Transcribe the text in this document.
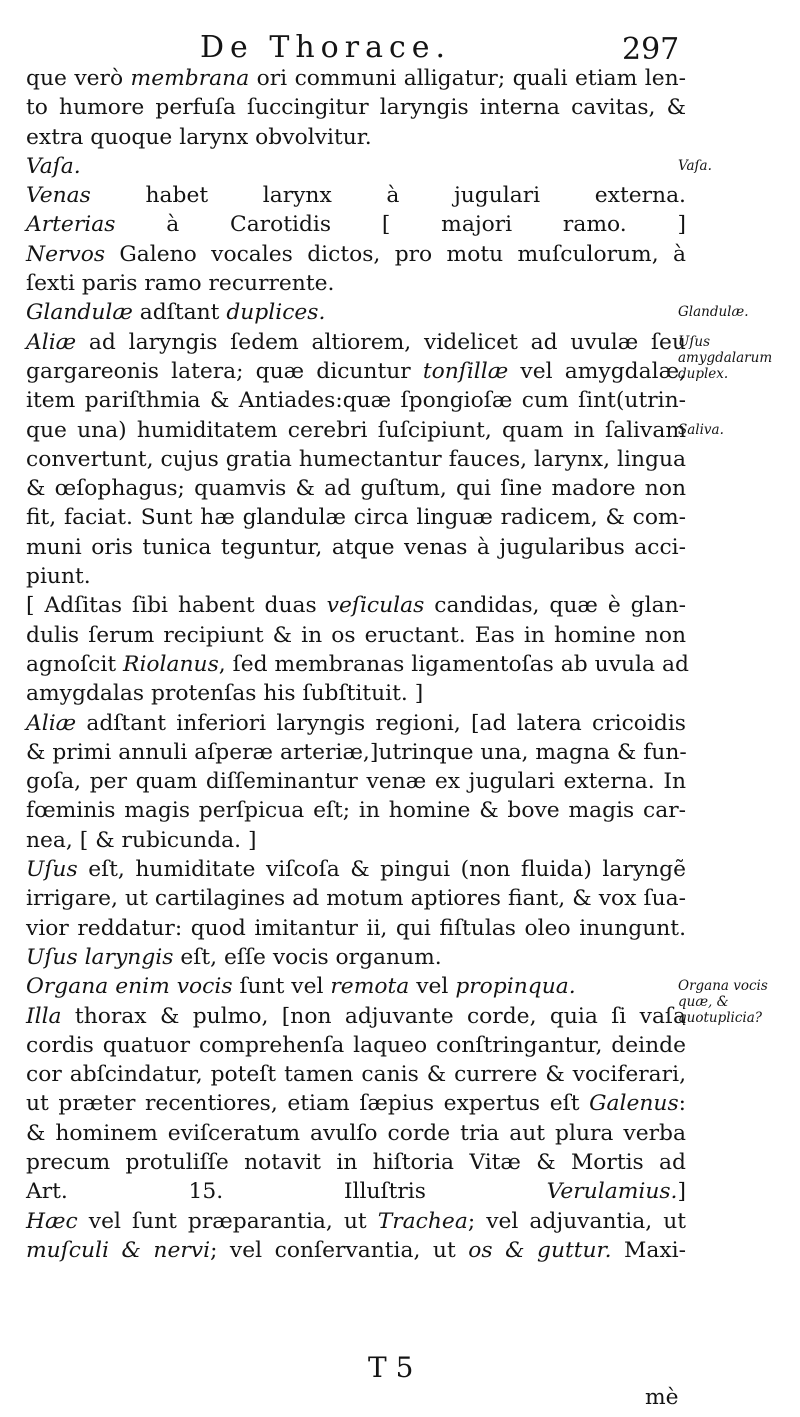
De Thorace.	297
que verò membrana ori communi alligatur; quali etiam len-
to humore perfuſa ſuccingitur laryngis interna cavitas, &
extra quoque larynx obvolvitur.
Vaſa.
Venas habet larynx à jugulari externa.
Arterias à Carotidis [ majori ramo. ]
Nervos Galeno vocales dictos, pro motu muſculorum, à
ſexti paris ramo recurrente.
Glandulæ adſtant duplices.
Aliæ ad laryngis ſedem altiorem, videlicet ad uvulæ ſeu
gargareonis latera; quæ dicuntur tonſillæ vel amygdalæ,
item pariſthmia & Antiades:quæ ſpongioſæ cum ſint(utrin-
que una) humiditatem cerebri ſuſcipiunt, quam in ſalivam
convertunt, cujus gratia humectantur fauces, larynx, lingua
& œſophagus; quamvis & ad guſtum, qui ſine madore non
fit, faciat. Sunt hæ glandulæ circa linguæ radicem, & com-
muni oris tunica teguntur, atque venas à jugularibus acci-
piunt.
[ Adſitas ſibi habent duas veſiculas candidas, quæ è glan-
dulis ſerum recipiunt & in os eructant. Eas in homine non
agnoſcit Riolanus, ſed membranas ligamentoſas ab uvula ad
amygdalas protenſas his ſubſtituit. ]
Aliæ adſtant inferiori laryngis regioni, [ad latera cricoidis
& primi annuli aſperæ arteriæ,]utrinque una, magna & fun-
goſa, per quam diſſeminantur venæ ex jugulari externa. In
fœminis magis perſpicua eſt; in homine & bove magis car-
nea, [ & rubicunda. ]
Uſus eſt, humiditate viſcoſa & pingui (non fluida) laryngẽ
irrigare, ut cartilagines ad motum aptiores fiant, & vox ſua-
vior reddatur: quod imitantur ii, qui fiſtulas oleo inungunt.
Uſus laryngis eſt, eſſe vocis organum.
Organa enim vocis ſunt vel remota vel propinqua.
Illa thorax & pulmo, [non adjuvante corde, quia ſi vaſa
cordis quatuor comprehenſa laqueo conſtringantur, deinde
cor abſcindatur, poteſt tamen canis & currere & vociferari,
ut præter recentiores, etiam ſæpius expertus eſt Galenus:
& hominem eviſceratum avulſo corde tria aut plura verba
precum protuliſſe notavit in hiſtoria Vitæ & Mortis ad
Art. 15. Illuſtris Verulamius.]
Hæc vel ſunt præparantia, ut Trachea; vel adjuvantia, ut
muſculi & nervi; vel conſervantia, ut os & guttur. Maxi-
Vaſa.
Glandulæ.
Uſus amygdalarum duplex.
Saliva.
Organa vocis quæ, & quotuplicia?
T 5
mè
